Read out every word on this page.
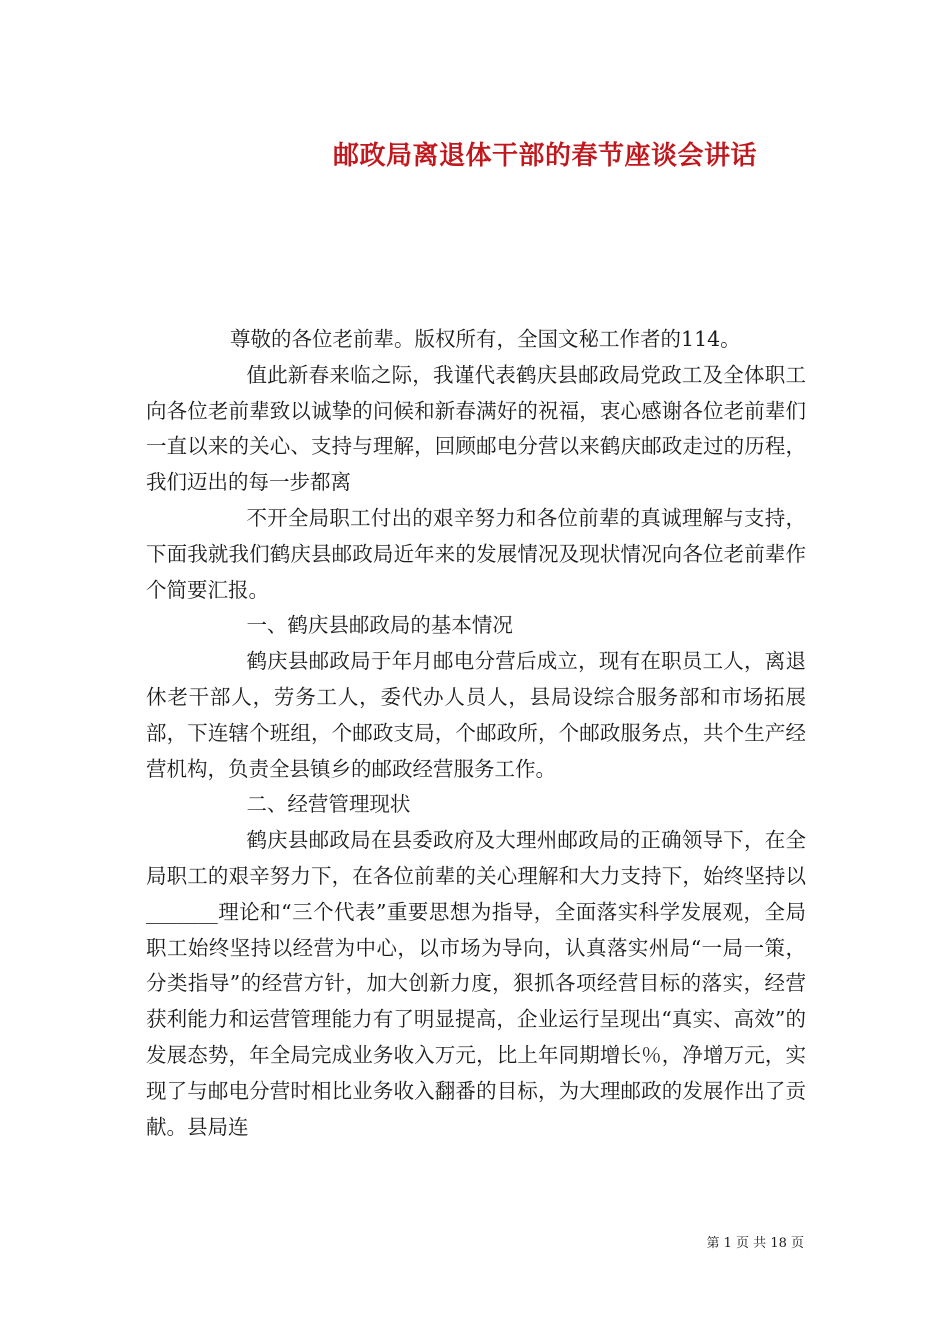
邮政局离退体干部的春节座谈会讲话

尊敬的各位老前辈。版权所有，全国文秘工作者的114。

值此新春来临之际，我谨代表鹤庆县邮政局党政工及全体职工向各位老前辈致以诚挚的问候和新春满好的祝福，衷心感谢各位老前辈们一直以来的关心、支持与理解，回顾邮电分营以来鹤庆邮政走过的历程，我们迈出的每一步都离

不开全局职工付出的艰辛努力和各位前辈的真诚理解与支持，下面我就我们鹤庆县邮政局近年来的发展情况及现状情况向各位老前辈作个简要汇报。

一、鹤庆县邮政局的基本情况

鹤庆县邮政局于年月邮电分营后成立，现有在职员工人，离退休老干部人，劳务工人，委代办人员人，县局设综合服务部和市场拓展部，下连辖个班组，个邮政支局，个邮政所，个邮政服务点，共个生产经营机构，负责全县镇乡的邮政经营服务工作。

二、经营管理现状

鹤庆县邮政局在县委政府及大理州邮政局的正确领导下，在全局职工的艰辛努力下，在各位前辈的关心理解和大力支持下，始终坚持以_______理论和“三个代表”重要思想为指导，全面落实科学发展观，全局职工始终坚持以经营为中心，以市场为导向，认真落实州局“一局一策，分类指导”的经营方针，加大创新力度，狠抓各项经营目标的落实，经营获利能力和运营管理能力有了明显提高，企业运行呈现出“真实、高效”的发展态势，年全局完成业务收入万元，比上年同期增长％，净增万元，实现了与邮电分营时相比业务收入翻番的目标，为大理邮政的发展作出了贡献。县局连

第 1 页 共 18 页
